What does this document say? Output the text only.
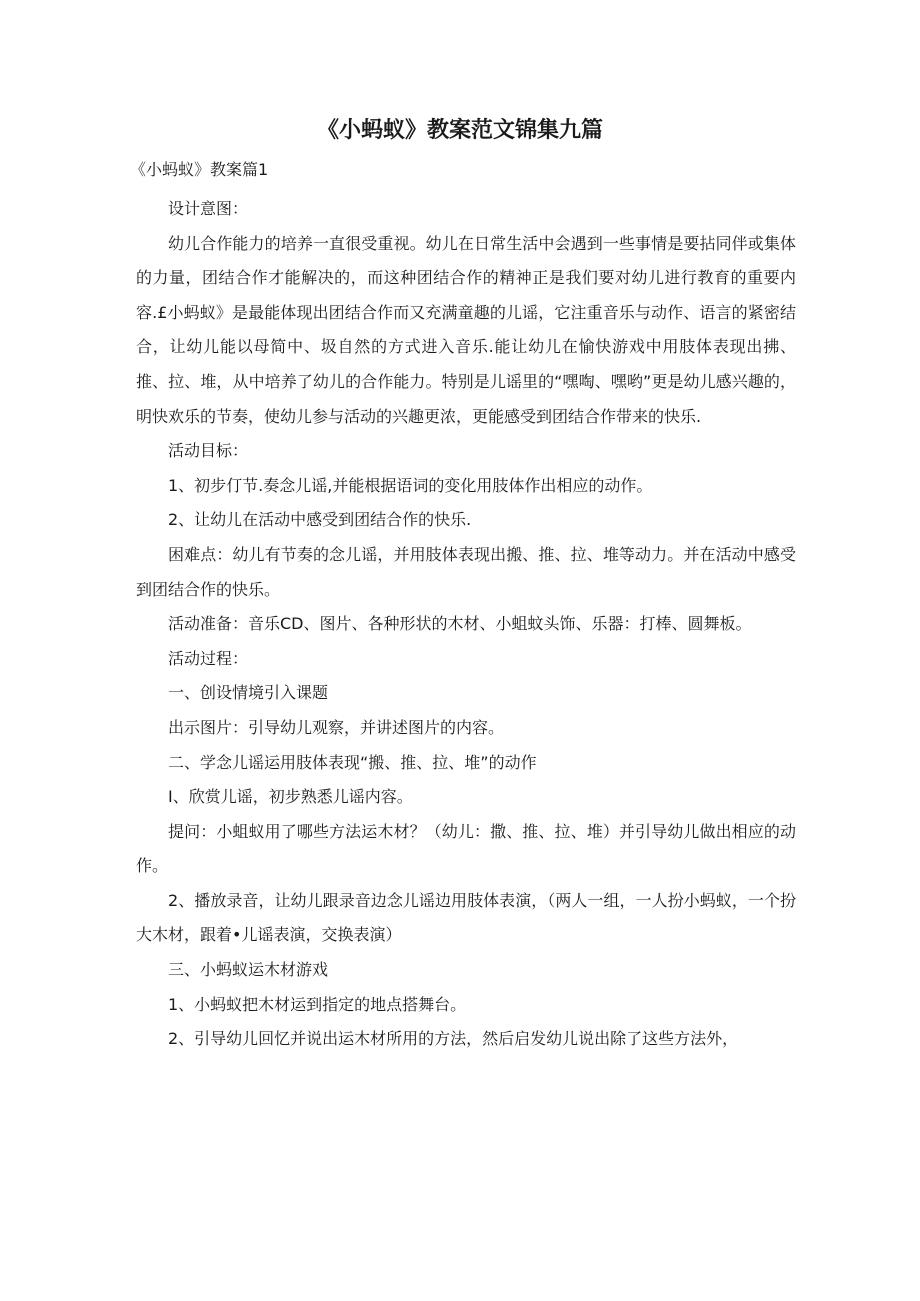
《小蚂蚁》教案范文锦集九篇
《小蚂蚁》教案篇1

设计意图：

幼儿合作能力的培养一直很受重视。幼儿在日常生活中会遇到一些事情是要拈同伴或集体的力量，团结合作才能解决的，而这种团结合作的精神正是我们要对幼儿进行教育的重要内容.£小蚂蚁》是最能体现出团结合作而又充满童趣的儿谣，它注重音乐与动作、语言的紧密结合，让幼儿能以母简中、圾自然的方式进入音乐.能让幼儿在愉快游戏中用肢体表现出拂、推、拉、堆，从中培养了幼儿的合作能力。特别是儿谣里的“嘿啕、嘿哟”更是幼儿感兴趣的，明快欢乐的节奏，使幼儿参与活动的兴趣更浓，更能感受到团结合作带来的快乐.

活动目标：

1、初步仃节.奏念儿谣,并能根据语词的变化用肢体作出相应的动作。

2、让幼儿在活动中感受到团结合作的快乐.

困难点：幼儿有节奏的念儿谣，并用肢体表现出搬、推、拉、堆等动力。并在活动中感受到团结合作的快乐。

活动准备：音乐CD、图片、各种形状的木材、小蛆蚊头饰、乐器：打棒、圆舞板。

活动过程：

一、创设情境引入课题

出示图片：引导幼儿观察，并讲述图片的内容。

二、学念儿谣运用肢体表现“搬、推、拉、堆”的动作

I、欣赏儿谣，初步熟悉儿谣内容。

提问：小蛆蚁用了哪些方法运木材？（幼儿：撒、推、拉、堆）并引导幼儿做出相应的动作。

2、播放录音，让幼儿跟录音边念儿谣边用肢体表演，（两人一组，一人扮小蚂蚁，一个扮大木材，跟着•儿谣表演，交换表演）

三、小蚂蚁运木材游戏

1、小蚂蚁把木材运到指定的地点搭舞台。

2、引导幼儿回忆并说出运木材所用的方法，然后启发幼儿说出除了这些方法外，
